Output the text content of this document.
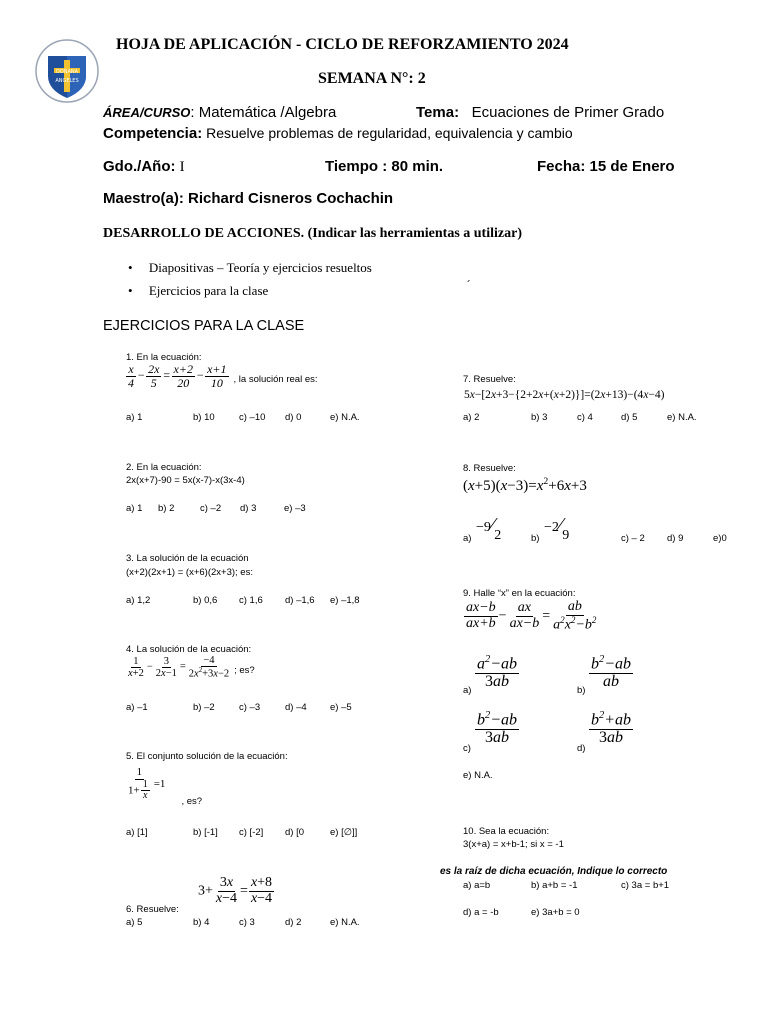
DOÑANA
ANGELES
HOJA DE APLICACIÓN - CICLO DE REFORZAMIENTO 2024
SEMANA N°: 2
ÁREA/CURSO: Matemática /Algebra	Tema: Ecuaciones de Primer Grado
Competencia: Resuelve problemas de regularidad, equivalencia y cambio
Gdo./Año: I	Tiempo : 80 min.	Fecha: 15 de Enero
Maestro(a): Richard Cisneros Cochachin
DESARROLLO DE ACCIONES. (Indicar las herramientas a utilizar)
•     Diapositivas – Teoría y ejercicios resueltos
•     Ejercicios para la clase	´
EJERCICIOS PARA LA CLASE
1. En la ecuación:
$\frac{x}{4} - \frac{2x}{5} = \frac{x+2}{20} - \frac{x+1}{10}$ , la solución real es:
a) 1	b) 10	c) –10 d) 0	e) N.A.
2. En la ecuación:
2x(x+7)-90 = 5x(x-7)-x(3x-4)
a) 1 b) 2	c) –2 d) 3	e) –3
3. La solución de la ecuación
(x+2)(2x+1) = (x+6)(2x+3); es:
a) 1,2	b) 0,6 c) 1,6 d) –1,6 e) –1,8
4. La solución de la ecuación:
$\frac{1}{x+2} - \frac{3}{2x-1} = \frac{-4}{2x^2+3x-2}$ ; es?
a) –1	b) –2	c) –3	d) –4 e) –5
5. El conjunto solución de la ecuación:
$\frac{1}{1+ \frac{1}{x}} =1$
, es?
a) [1]	b) [-1] c) [-2] d) [0	e) [∅]]
$3+ \frac{3x}{x-4} = \frac{x+8}{x-4}$
6. Resuelve:
a) 5	b) 4	c) 3	d) 2	e) N.A.
7. Resuelve:
5x−[2x+3−{2+2x+(x+2)}]=(2x+13)−(4x−4)
a) 2	b) 3	c) 4	d) 5	e) N.A.
8. Resuelve:
$(x+5)(x-3)=x^2+6x+3$
−9⁄2
−2⁄9
a)	b)	c) – 2 d) 9	e)0
9. Halle “x” en la ecuación:
$\frac{ax-b}{ax+b} - \frac{ax}{ax-b} = \frac{ab}{a^2x^2-b^2}$
$\frac{a^2-ab}{3ab}$	$\frac{b^2-ab}{ab}$
a)	b)
$\frac{b^2-ab}{3ab}$	$\frac{b^2+ab}{3ab}$
c)	d)
e) N.A.
10. Sea la ecuación:
3(x+a) = x+b-1; si x = -1
es la raíz de dicha ecuación, Indique lo correcto
a) a=b	b) a+b = -1	c) 3a = b+1
d) a = -b	e) 3a+b = 0
